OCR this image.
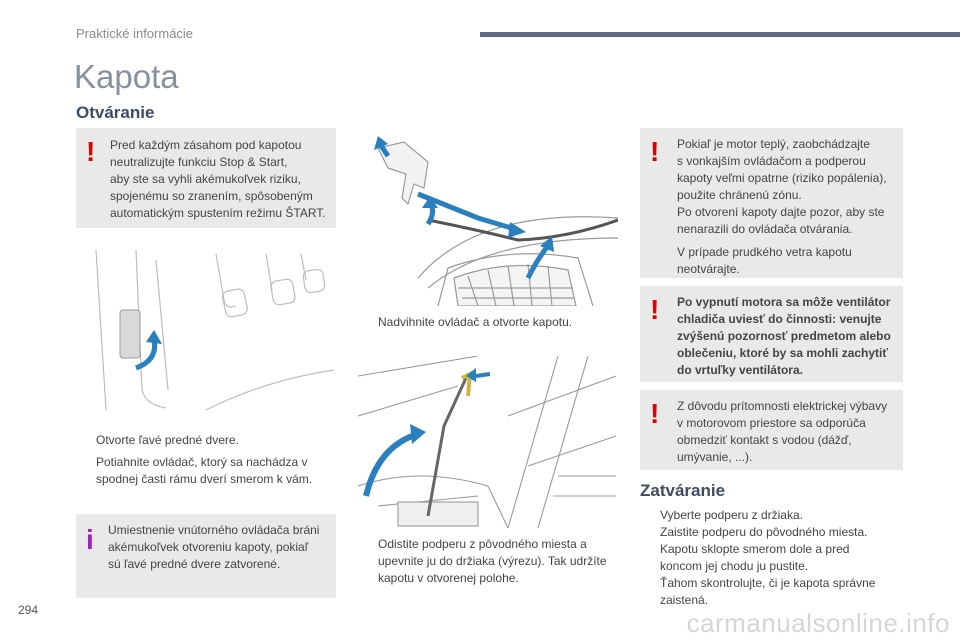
Praktické informácie
Kapota
Otváranie
! Pred každým zásahom pod kapotou
neutralizujte funkciu Stop & Start,
aby ste sa vyhli akémukoľvek riziku,
spojenému so zranením, spôsobeným
automatickým spustením režimu ŠTART.
Otvorte ľavé predné dvere.
Potiahnite ovládač, ktorý sa nachádza v
spodnej časti rámu dverí smerom k vám.
i Umiestnenie vnútorného ovládača bráni
akémukoľvek otvoreniu kapoty, pokiaľ
sú ľavé predné dvere zatvorené.
Nadvihnite ovládač a otvorte kapotu.
Odistite podperu z pôvodného miesta a
upevnite ju do držiaka (výrezu). Tak udržíte
kapotu v otvorenej polohe.
! Pokiaľ je motor teplý, zaobchádzajte
s vonkajším ovládačom a podperou
kapoty veľmi opatrne (riziko popálenia),
použite chránenú zónu.
Po otvorení kapoty dajte pozor, aby ste
nenarazili do ovládača otvárania.
V prípade prudkého vetra kapotu
neotvárajte.
! Po vypnutí motora sa môže ventilátor
chladiča uviesť do činnosti: venujte
zvýšenú pozornosť predmetom alebo
oblečeniu, ktoré by sa mohli zachytiť
do vrtuľky ventilátora.
! Z dôvodu prítomnosti elektrickej výbavy
v motorovom priestore sa odporúča
obmedziť kontakt s vodou (dážď,
umývanie, ...).
Zatváranie
Vyberte podperu z držiaka.
Zaistite podperu do pôvodného miesta.
Kapotu sklopte smerom dole a pred
koncom jej chodu ju pustite.
Ťahom skontrolujte, či je kapota správne
zaistená.
294	carmanualsonline.info
